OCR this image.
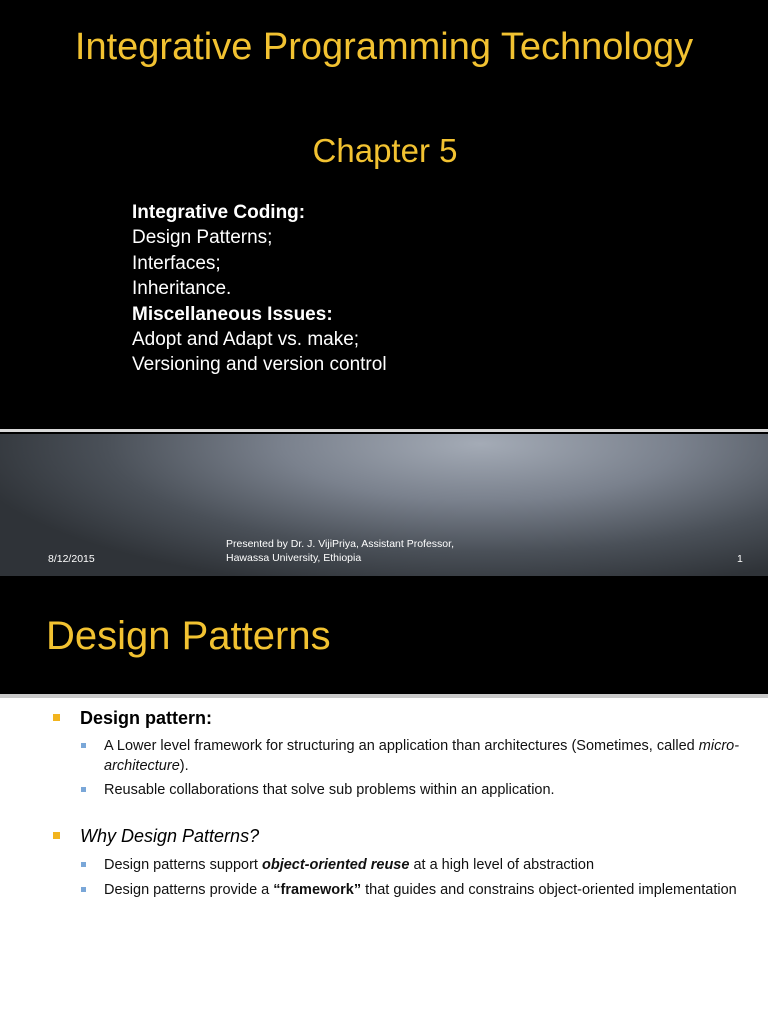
Integrative Programming Technology
Chapter 5
Integrative Coding:
Design Patterns;
Interfaces;
Inheritance.
Miscellaneous Issues:
Adopt and Adapt vs. make;
Versioning and version control
8/12/2015
Presented by Dr. J. VijiPriya, Assistant Professor,
Hawassa University, Ethiopia	1
Design Patterns
Design pattern:
A Lower level framework for structuring an application than architectures (Sometimes, called micro-architecture).
Reusable collaborations that solve sub problems within an application.
Why Design Patterns?
Design patterns support object-oriented reuse at a high level of abstraction
Design patterns provide a “framework” that guides and constrains object-oriented implementation
